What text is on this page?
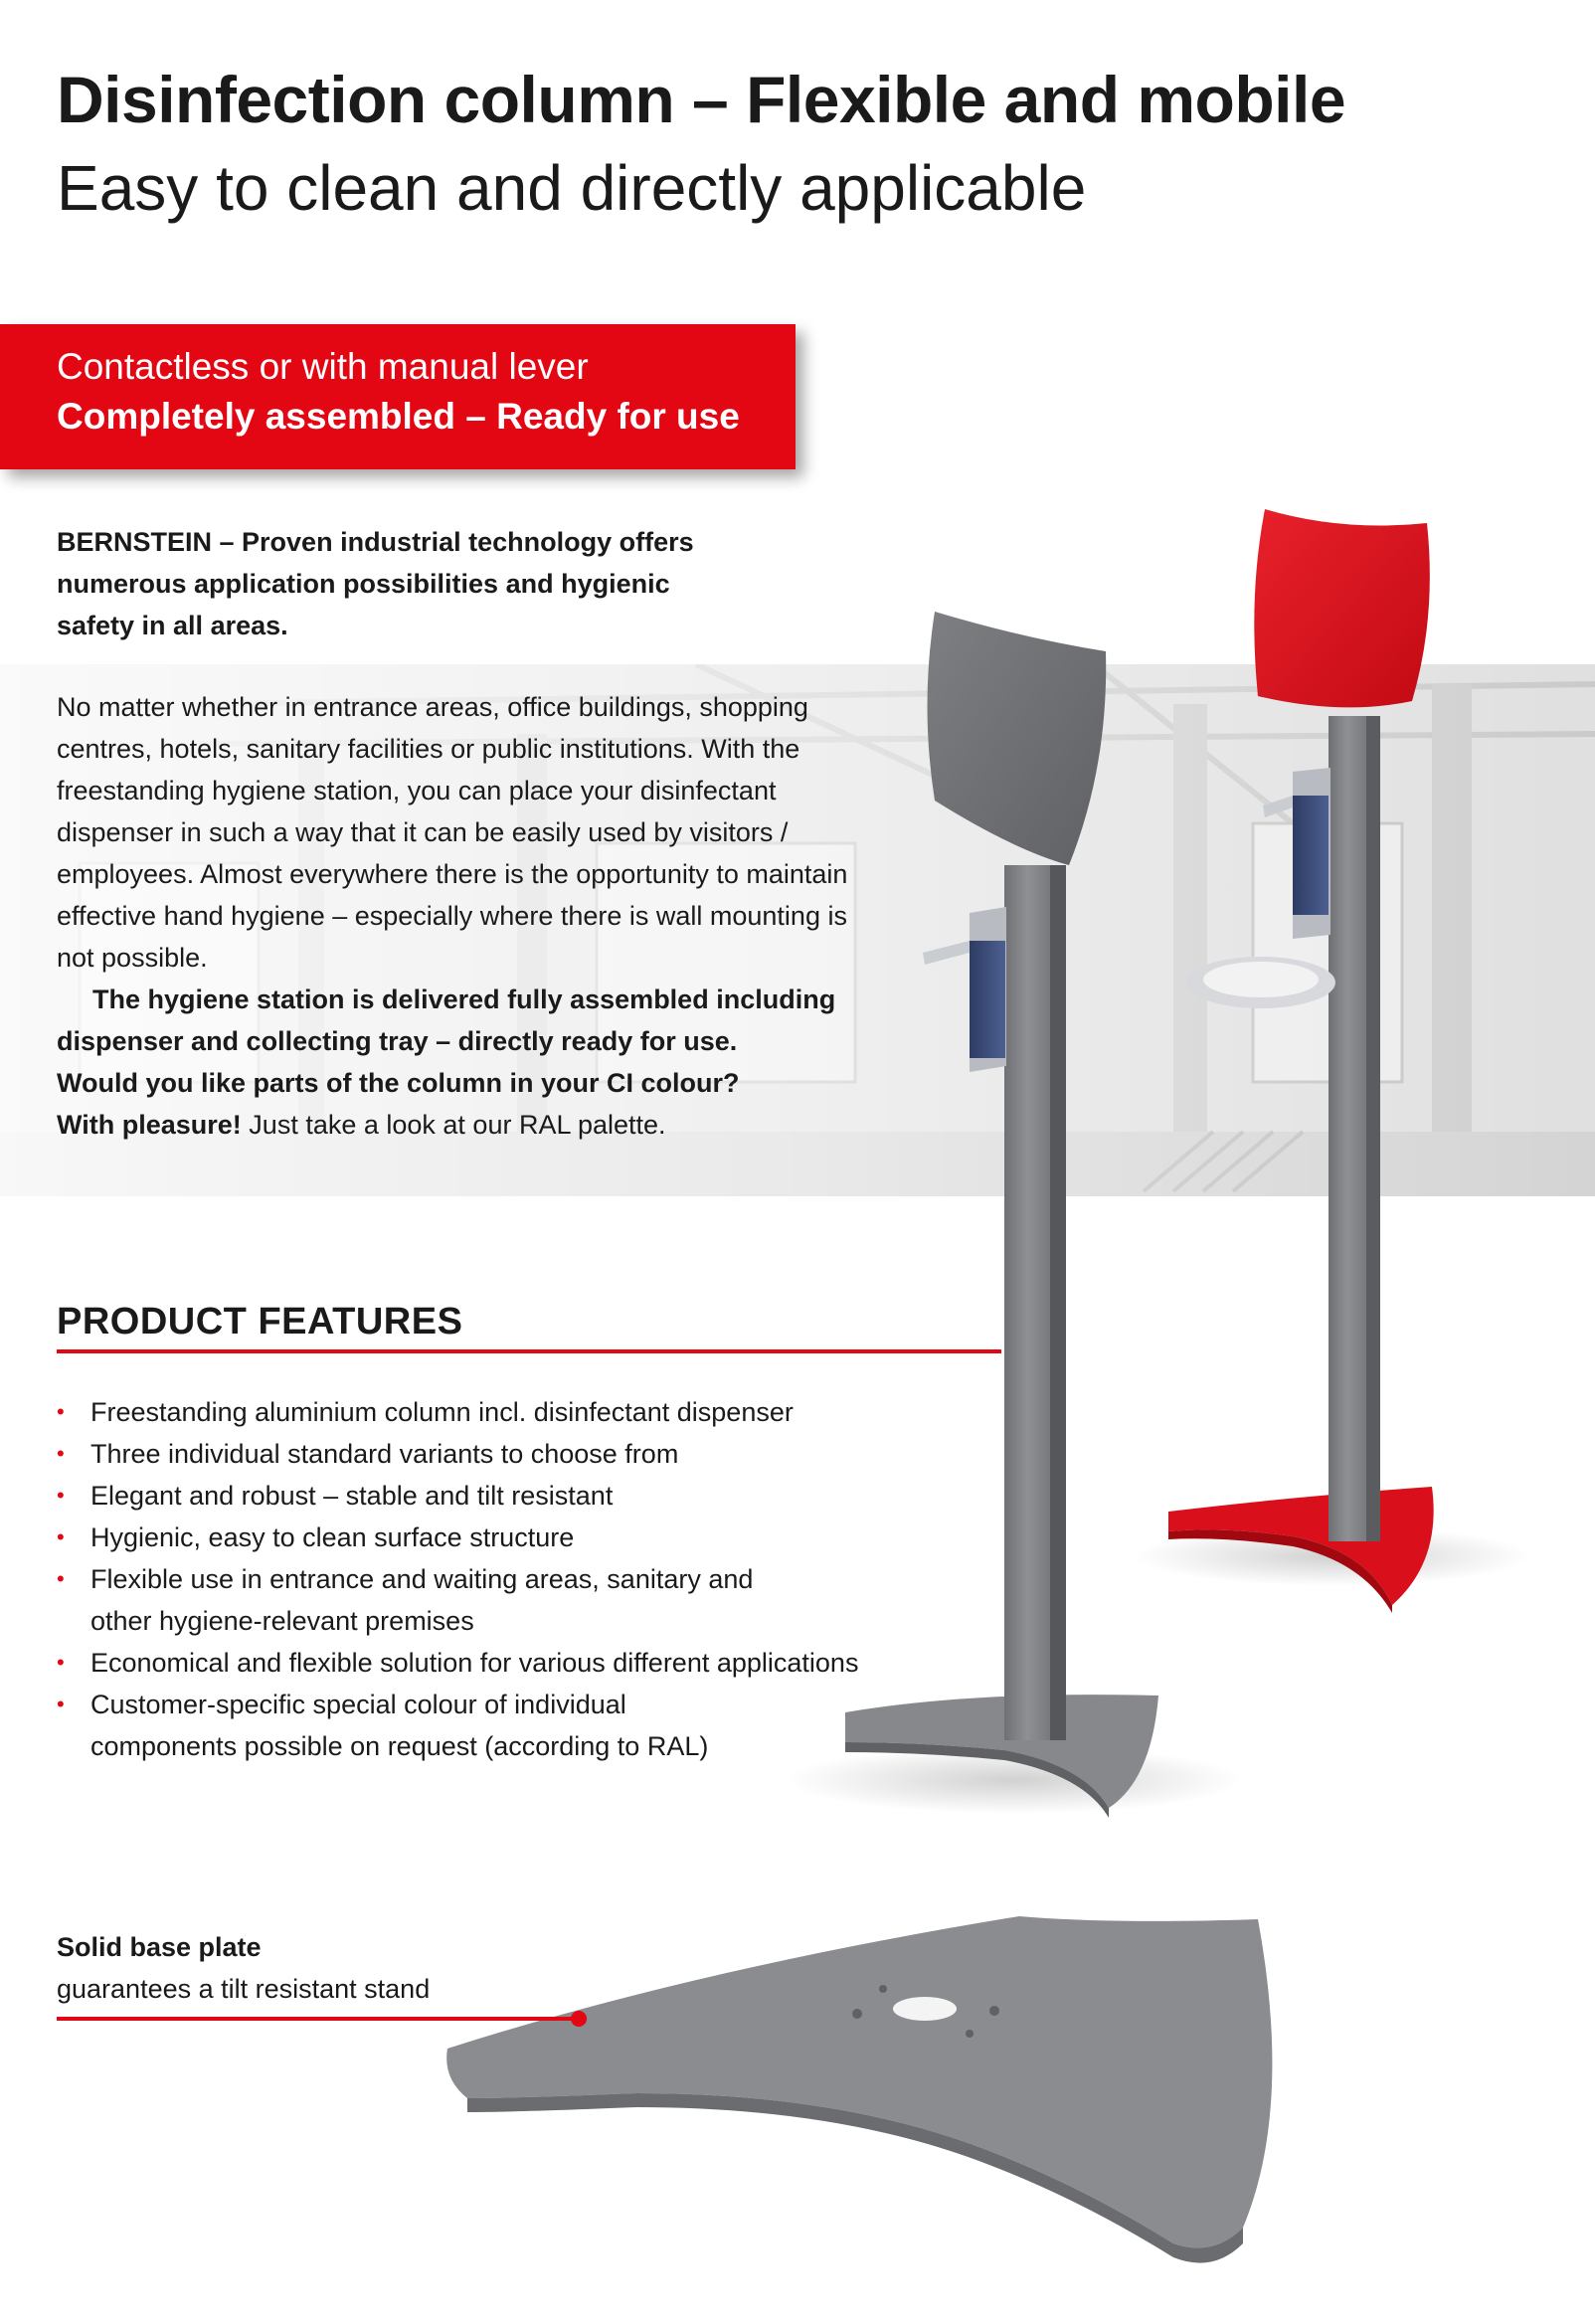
Disinfection column – Flexible and mobile
Easy to clean and directly applicable
Contactless or with manual lever
Completely assembled – Ready for use
BERNSTEIN – Proven industrial technology offers numerous application possibilities and hygienic safety in all areas.

No matter whether in entrance areas, office buildings, shopping centres, hotels, sanitary facilities or public institutions. With the freestanding hygiene station, you can place your disinfectant dispenser in such a way that it can be easily used by visitors / employees. Almost everywhere there is the opportunity to maintain effective hand hygiene – especially where there is wall mounting is not possible.

The hygiene station is delivered fully assembled including dispenser and collecting tray – directly ready for use.

Would you like parts of the column in your CI colour?

With pleasure! Just take a look at our RAL palette.

PRODUCT FEATURES
• Freestanding aluminium column incl. disinfectant dispenser
• Three individual standard variants to choose from
• Elegant and robust – stable and tilt resistant
• Hygienic, easy to clean surface structure
• Flexible use in entrance and waiting areas, sanitary and other hygiene-relevant premises
• Economical and flexible solution for various different applications
• Customer-specific special colour of individual components possible on request (according to RAL)
Solid base plate
guarantees a tilt resistant stand
